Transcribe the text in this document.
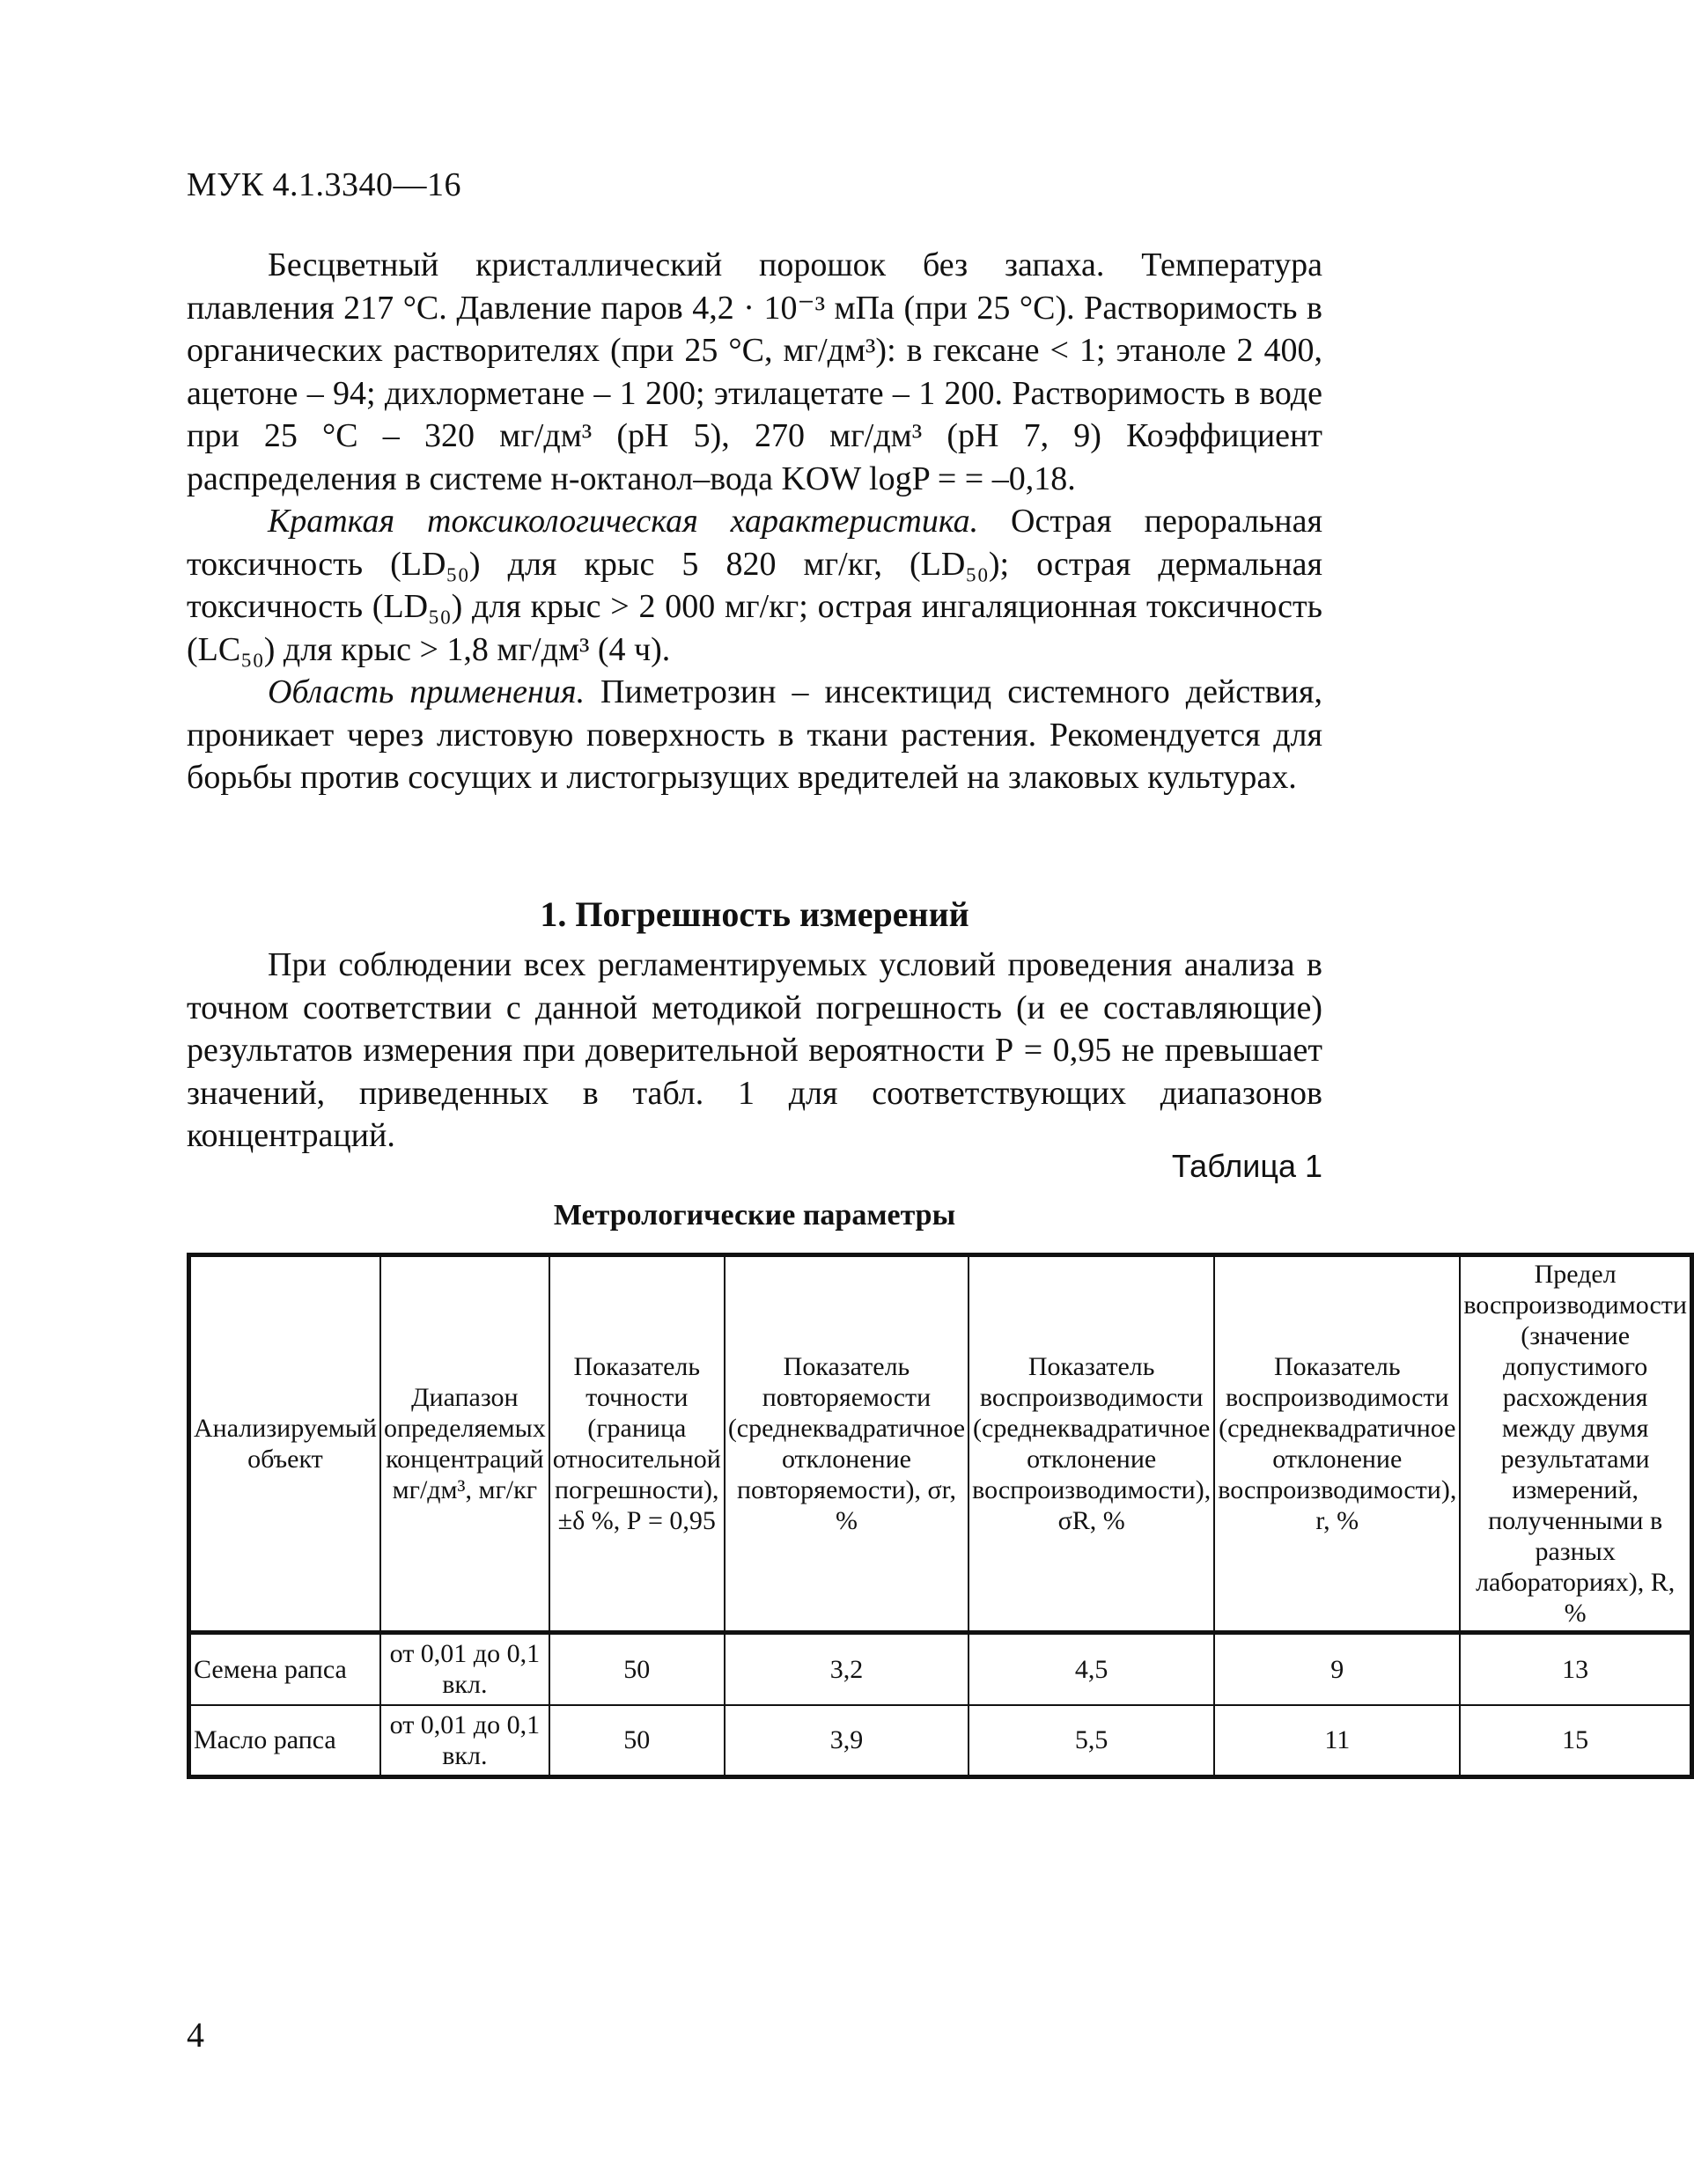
МУК 4.1.3340—16

Бесцветный кристаллический порошок без запаха. Температура плавления 217 °С. Давление паров 4,2 · 10⁻³ мПа (при 25 °С). Растворимость в органических растворителях (при 25 °С, мг/дм³): в гексане < 1; этаноле 2 400, ацетоне – 94; дихлорметане – 1 200; этилацетате – 1 200. Растворимость в воде при 25 °С – 320 мг/дм³ (рН 5), 270 мг/дм³ (рН 7, 9) Коэффициент распределения в системе н-октанол–вода KOW logP = = –0,18.

Краткая токсикологическая характеристика. Острая пероральная токсичность (LD₅₀) для крыс 5 820 мг/кг, (LD₅₀); острая дермальная токсичность (LD₅₀) для крыс > 2 000 мг/кг; острая ингаляционная токсичность (LC₅₀) для крыс > 1,8 мг/дм³ (4 ч).

Область применения. Пиметрозин – инсектицид системного действия, проникает через листовую поверхность в ткани растения. Рекомендуется для борьбы против сосущих и листогрызущих вредителей на злаковых культурах.

1. Погрешность измерений

При соблюдении всех регламентируемых условий проведения анализа в точном соответствии с данной методикой погрешность (и ее составляющие) результатов измерения при доверительной вероятности Р = 0,95 не превышает значений, приведенных в табл. 1 для соответствующих диапазонов концентраций.

Таблица 1
Метрологические параметры
Анализируемый объект	Диапазон определяемых концентраций мг/дм³, мг/кг	Показатель точности (граница относительной погрешности), ±δ %, Р = 0,95	Показатель повторяемости (среднеквадратичное отклонение повторяемости), σr, %	Показатель воспроизводимости (среднеквадратичное отклонение воспроизводимости), σR, %	Показатель воспроизводимости (среднеквадратичное отклонение воспроизводимости), r, %	Предел воспроизводимости (значение допустимого расхождения между двумя результатами измерений, полученными в разных лабораториях), R, %
Семена рапса	от 0,01 до 0,1 вкл.	50	3,2	4,5	9	13
Масло рапса	от 0,01 до 0,1 вкл.	50	3,9	5,5	11	15
4
